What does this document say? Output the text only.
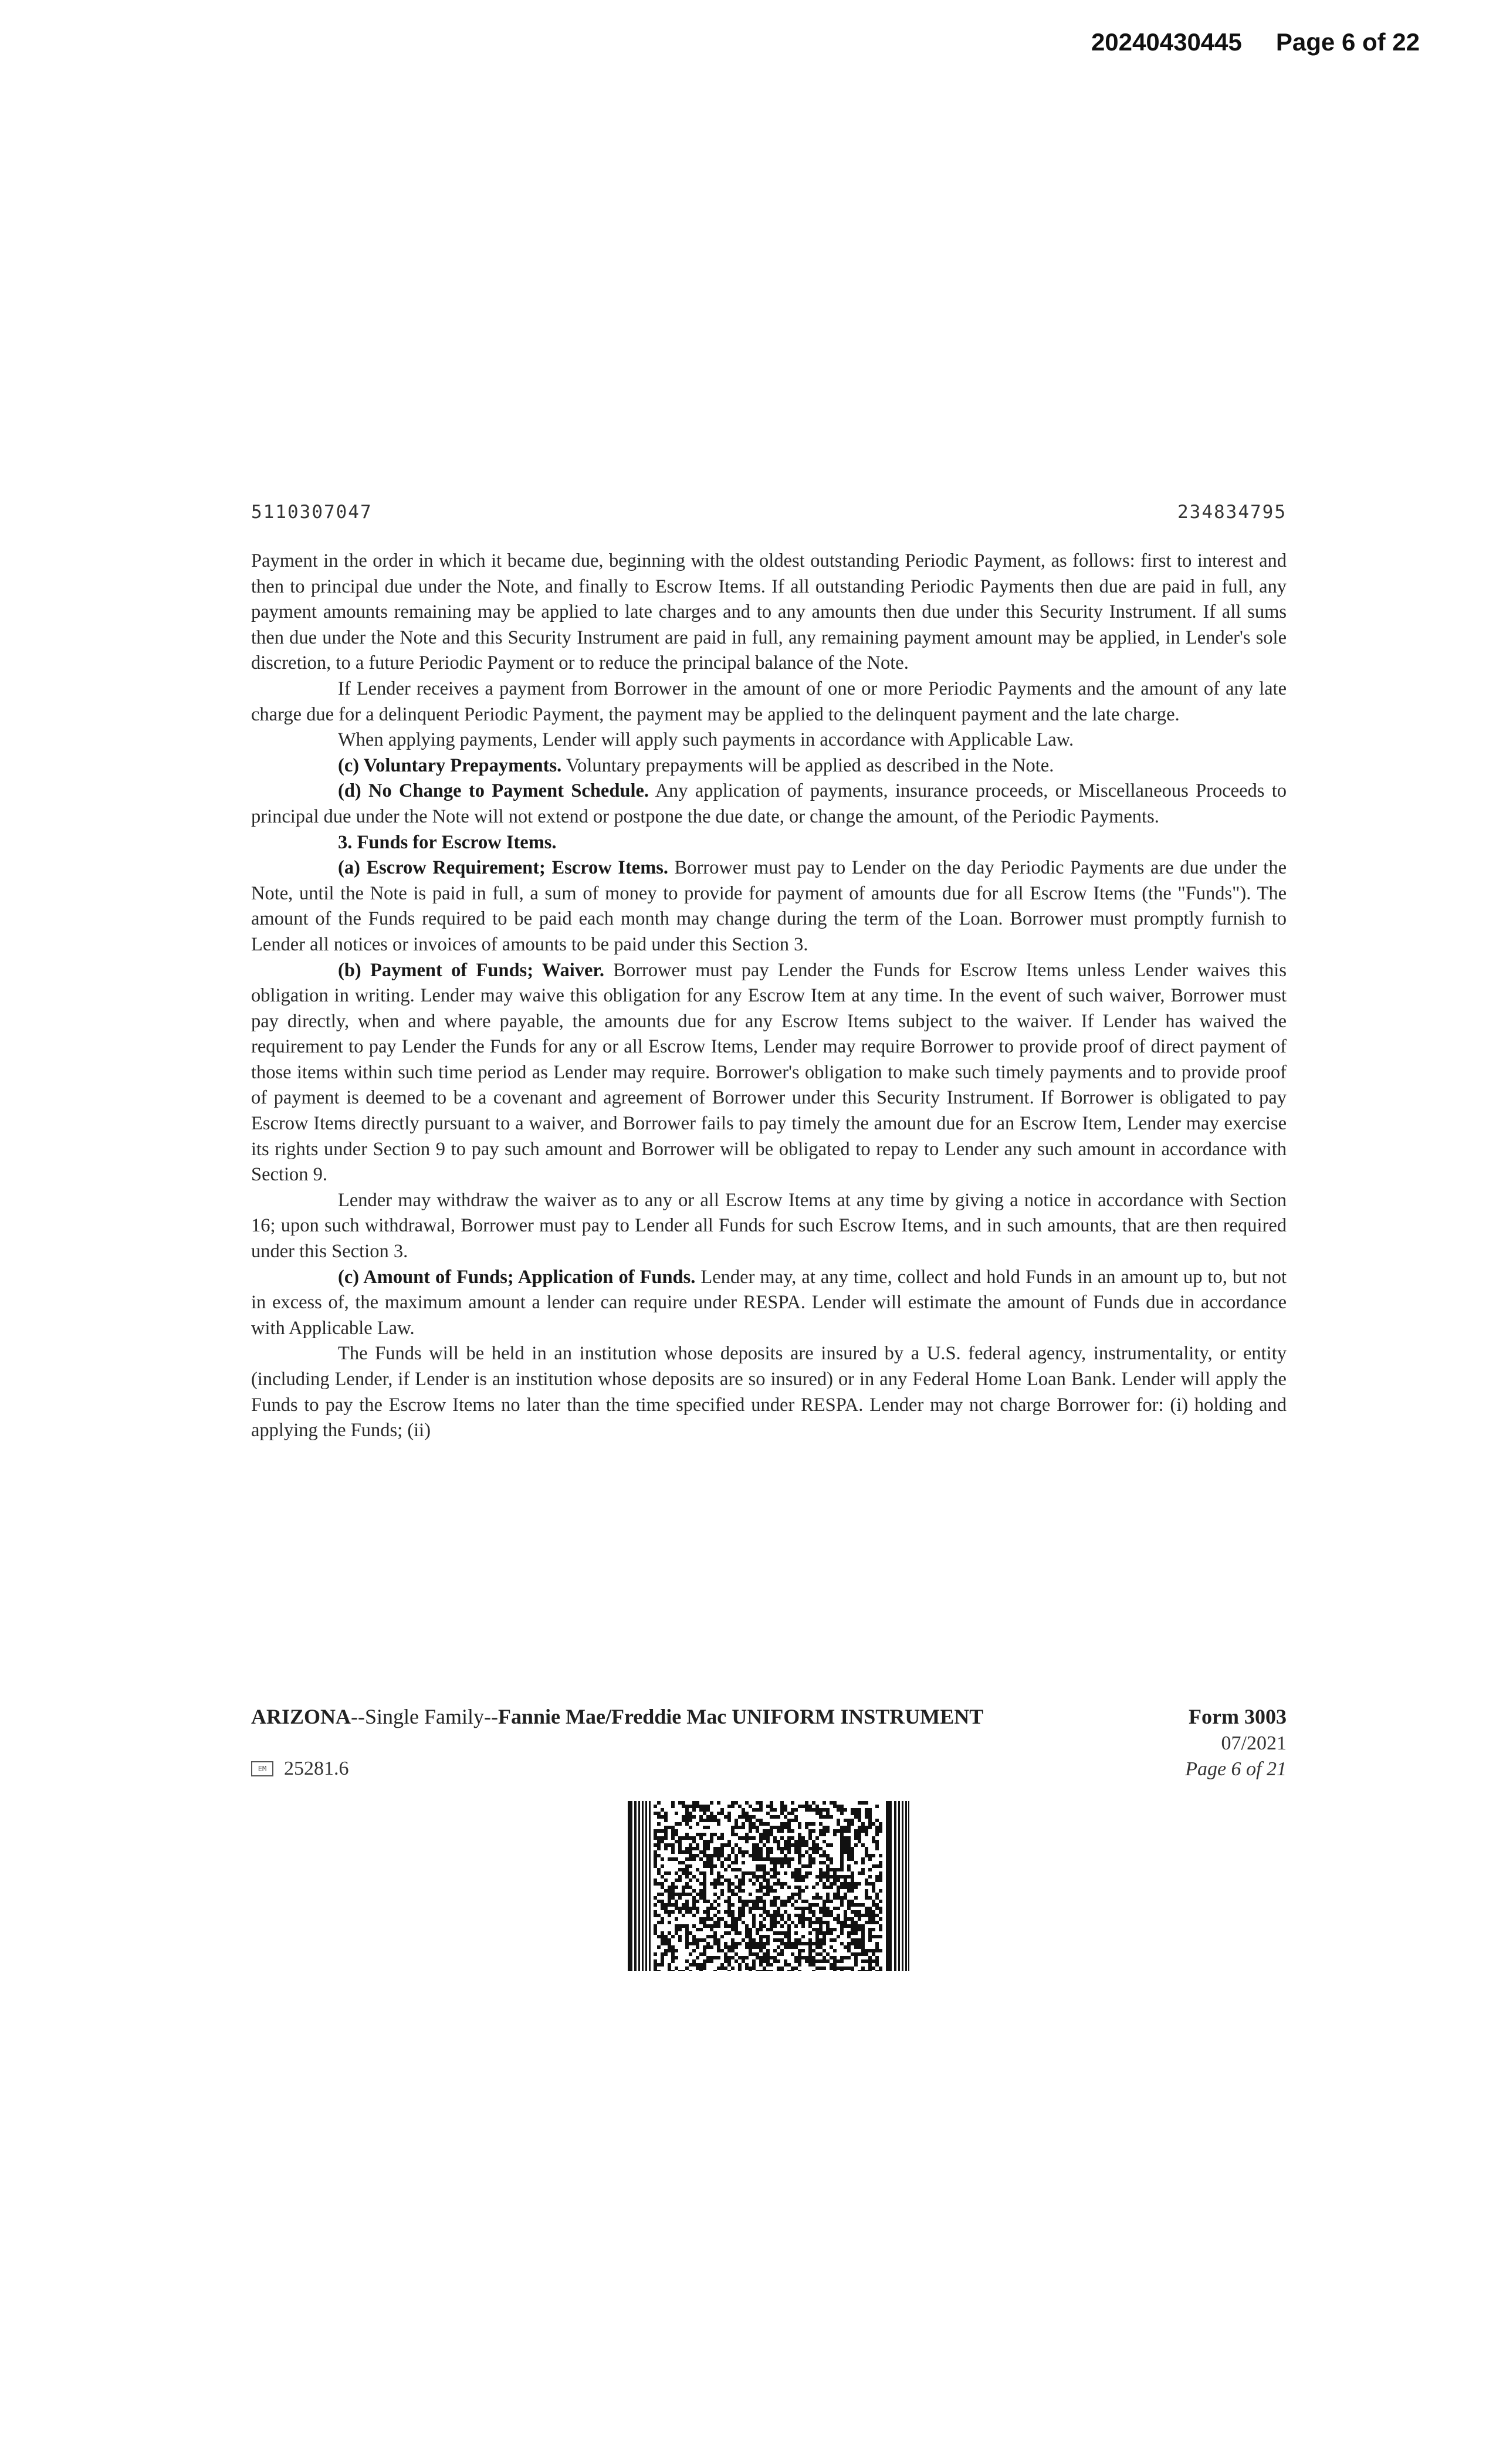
20240430445 Page 6 of 22
5110307047	234834795

Payment in the order in which it became due, beginning with the oldest outstanding Periodic Payment, as follows: first to interest and then to principal due under the Note, and finally to Escrow Items. If all outstanding Periodic Payments then due are paid in full, any payment amounts remaining may be applied to late charges and to any amounts then due under this Security Instrument. If all sums then due under the Note and this Security Instrument are paid in full, any remaining payment amount may be applied, in Lender's sole discretion, to a future Periodic Payment or to reduce the principal balance of the Note.

If Lender receives a payment from Borrower in the amount of one or more Periodic Payments and the amount of any late charge due for a delinquent Periodic Payment, the payment may be applied to the delinquent payment and the late charge.

When applying payments, Lender will apply such payments in accordance with Applicable Law.

(c) Voluntary Prepayments. Voluntary prepayments will be applied as described in the Note.

(d) No Change to Payment Schedule. Any application of payments, insurance proceeds, or Miscellaneous Proceeds to principal due under the Note will not extend or postpone the due date, or change the amount, of the Periodic Payments.

3. Funds for Escrow Items.

(a) Escrow Requirement; Escrow Items. Borrower must pay to Lender on the day Periodic Payments are due under the Note, until the Note is paid in full, a sum of money to provide for payment of amounts due for all Escrow Items (the "Funds"). The amount of the Funds required to be paid each month may change during the term of the Loan. Borrower must promptly furnish to Lender all notices or invoices of amounts to be paid under this Section 3.

(b) Payment of Funds; Waiver. Borrower must pay Lender the Funds for Escrow Items unless Lender waives this obligation in writing. Lender may waive this obligation for any Escrow Item at any time. In the event of such waiver, Borrower must pay directly, when and where payable, the amounts due for any Escrow Items subject to the waiver. If Lender has waived the requirement to pay Lender the Funds for any or all Escrow Items, Lender may require Borrower to provide proof of direct payment of those items within such time period as Lender may require. Borrower's obligation to make such timely payments and to provide proof of payment is deemed to be a covenant and agreement of Borrower under this Security Instrument. If Borrower is obligated to pay Escrow Items directly pursuant to a waiver, and Borrower fails to pay timely the amount due for an Escrow Item, Lender may exercise its rights under Section 9 to pay such amount and Borrower will be obligated to repay to Lender any such amount in accordance with Section 9.

Lender may withdraw the waiver as to any or all Escrow Items at any time by giving a notice in accordance with Section 16; upon such withdrawal, Borrower must pay to Lender all Funds for such Escrow Items, and in such amounts, that are then required under this Section 3.

(c) Amount of Funds; Application of Funds. Lender may, at any time, collect and hold Funds in an amount up to, but not in excess of, the maximum amount a lender can require under RESPA. Lender will estimate the amount of Funds due in accordance with Applicable Law.

The Funds will be held in an institution whose deposits are insured by a U.S. federal agency, instrumentality, or entity (including Lender, if Lender is an institution whose deposits are so insured) or in any Federal Home Loan Bank. Lender will apply the Funds to pay the Escrow Items no later than the time specified under RESPA. Lender may not charge Borrower for: (i) holding and applying the Funds; (ii)

ARIZONA--Single Family--Fannie Mae/Freddie Mac UNIFORM INSTRUMENT	Form 3003
07/2021
Page 6 of 21
EM 25281.6
